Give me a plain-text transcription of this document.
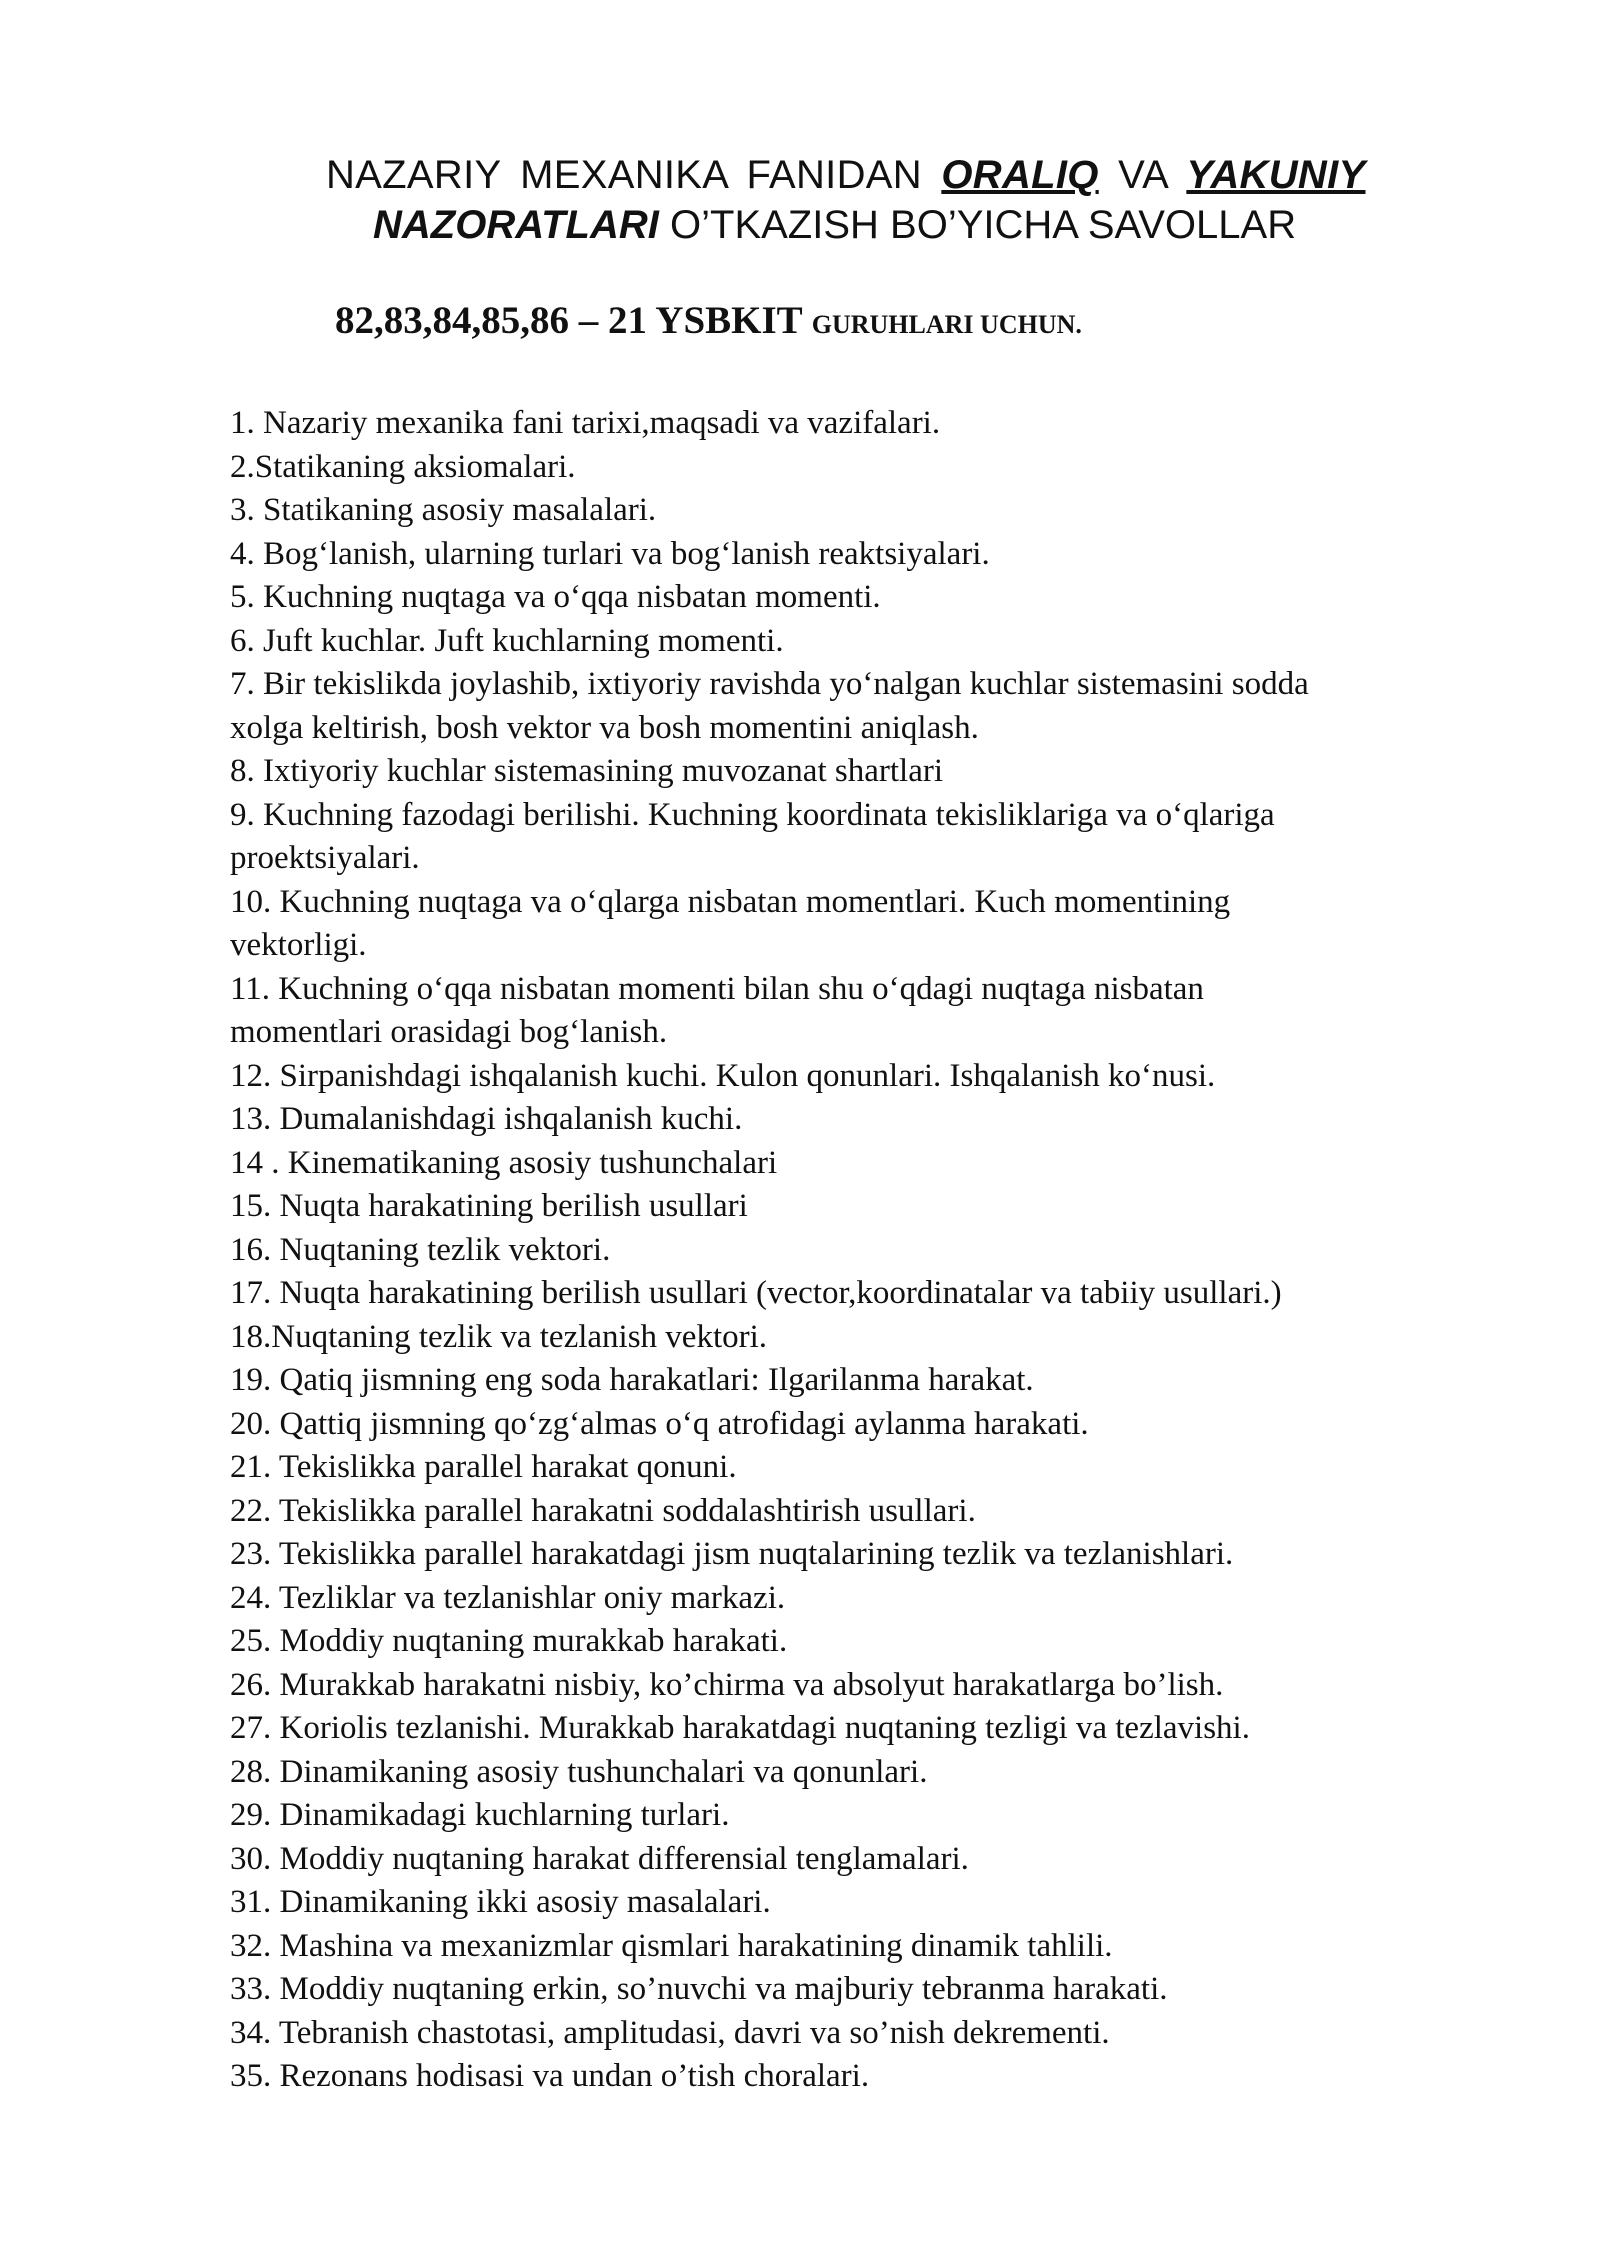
NAZARIY MEXANIKA FANIDAN ORALIQ VA YAKUNIY
NAZORATLARI O’TKAZISH BO’YICHA SAVOLLAR
82,83,84,85,86 – 21 YSBKIT GURUHLARI UCHUN.
1. Nazariy mexanika fani tarixi,maqsadi va vazifalari.
2.Statikaning aksiomalari.
3. Statikaning asosiy masalalari.
4. Bog‘lanish, ularning turlari va bog‘lanish reaktsiyalari.
5. Kuchning nuqtaga va o‘qqa nisbatan momenti.
6. Juft kuchlar. Juft kuchlarning momenti.
7. Bir tekislikda joylashib, ixtiyoriy ravishda yo‘nalgan kuchlar sistemasini sodda
xolga keltirish, bosh vektor va bosh momentini aniqlash.
8. Ixtiyoriy kuchlar sistemasining muvozanat shartlari
9. Kuchning fazodagi berilishi. Kuchning koordinata tekisliklariga va o‘qlariga
proektsiyalari.
10. Kuchning nuqtaga va o‘qlarga nisbatan momentlari. Kuch momentining
vektorligi.
11. Kuchning o‘qqa nisbatan momenti bilan shu o‘qdagi nuqtaga nisbatan
momentlari orasidagi bog‘lanish.
12. Sirpanishdagi ishqalanish kuchi. Kulon qonunlari. Ishqalanish ko‘nusi.
13. Dumalanishdagi ishqalanish kuchi.
14 . Kinematikaning asosiy tushunchalari
15. Nuqta harakatining berilish usullari
16. Nuqtaning tezlik vektori.
17. Nuqta harakatining berilish usullari (vector,koordinatalar va tabiiy usullari.)
18.Nuqtaning tezlik va tezlanish vektori.
19. Qatiq jismning eng soda harakatlari: Ilgarilanma harakat.
20. Qattiq jismning qo‘zg‘almas o‘q atrofidagi aylanma harakati.
21. Tekislikka parallel harakat qonuni.
22. Tekislikka parallel harakatni soddalashtirish usullari.
23. Tekislikka parallel harakatdagi jism nuqtalarining tezlik va tezlanishlari.
24. Tezliklar va tezlanishlar oniy markazi.
25. Moddiy nuqtaning murakkab harakati.
26. Murakkab harakatni nisbiy, ko’chirma va absolyut harakatlarga bo’lish.
27. Koriolis tezlanishi. Murakkab harakatdagi nuqtaning tezligi va tezlavishi.
28. Dinamikaning asosiy tushunchalari va qonunlari.
29. Dinamikadagi kuchlarning turlari.
30. Moddiy nuqtaning harakat differensial tenglamalari.
31. Dinamikaning ikki asosiy masalalari.
32. Mashina va mexanizmlar qismlari harakatining dinamik tahlili.
33. Moddiy nuqtaning erkin, so’nuvchi va majburiy tebranma harakati.
34. Tebranish chastotasi, amplitudasi, davri va so’nish dekrementi.
35. Rezonans hodisasi va undan o’tish choralari.
